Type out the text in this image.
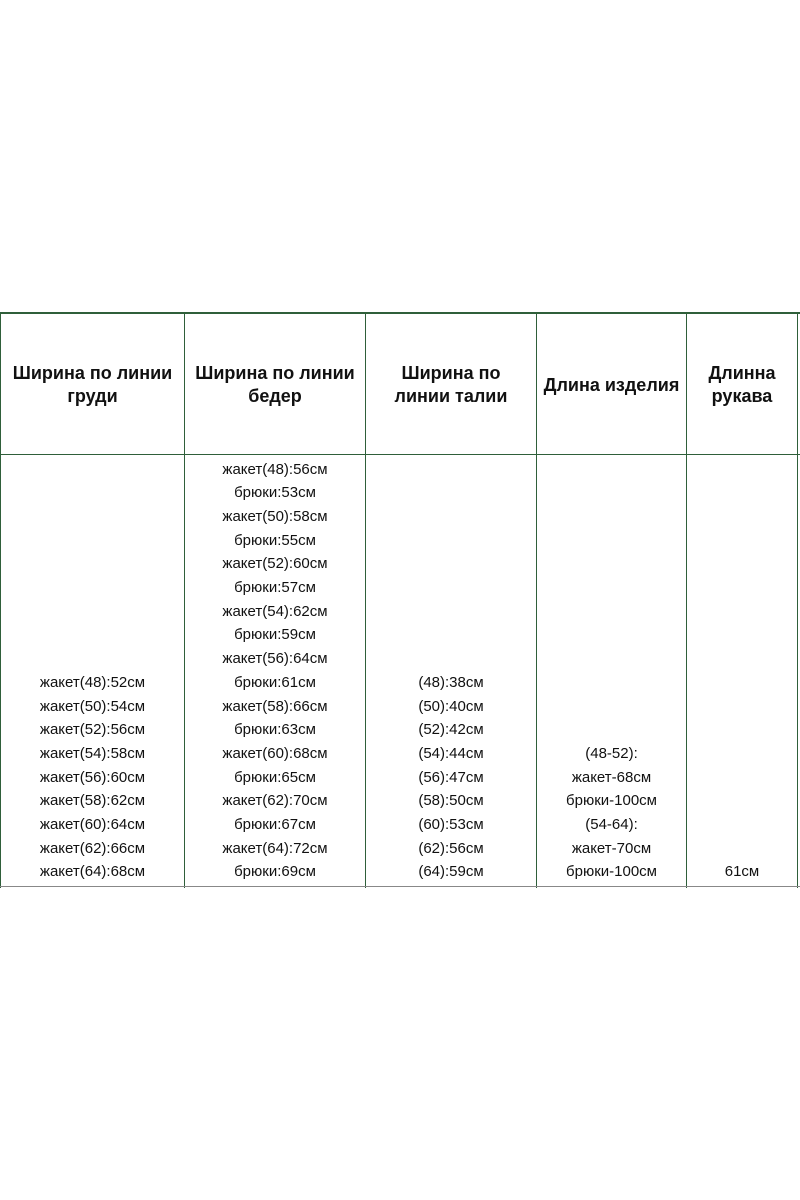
Ширина по линии груди
Ширина по линии бедер
Ширина по линии талии
Длина изделия
Длинна рукава
жакет(48):52см
жакет(50):54см
жакет(52):56см
жакет(54):58см
жакет(56):60см
жакет(58):62см
жакет(60):64см
жакет(62):66см
жакет(64):68см
жакет(48):56см
брюки:53см
жакет(50):58см
брюки:55см
жакет(52):60см
брюки:57см
жакет(54):62см
брюки:59см
жакет(56):64см
брюки:61см
жакет(58):66см
брюки:63см
жакет(60):68см
брюки:65см
жакет(62):70см
брюки:67см
жакет(64):72см
брюки:69см
(48):38см
(50):40см
(52):42см
(54):44см
(56):47см
(58):50см
(60):53см
(62):56см
(64):59см
(48-52):
жакет-68см
брюки-100см
(54-64):
жакет-70см
брюки-100см	61см
